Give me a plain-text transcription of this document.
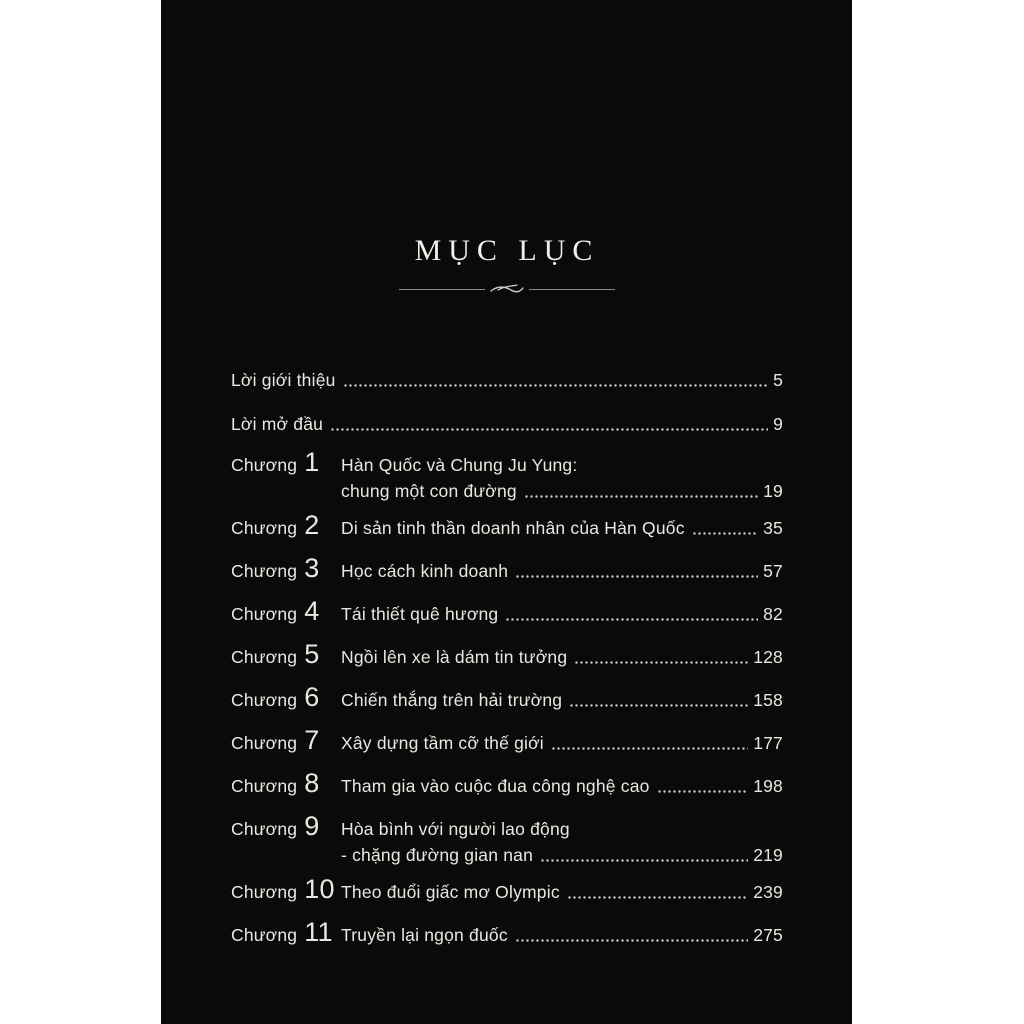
MỤC LỤC
Lời giới thiệu	5
Lời mở đầu	9
Chương 1	Hàn Quốc và Chung Ju Yung:
chung một con đường	19
Chương 2	Di sản tinh thần doanh nhân của Hàn Quốc	35
Chương 3	Học cách kinh doanh	57
Chương 4	Tái thiết quê hương	82
Chương 5	Ngồi lên xe là dám tin tưởng	128
Chương 6	Chiến thắng trên hải trường	158
Chương 7	Xây dựng tầm cỡ thế giới	177
Chương 8	Tham gia vào cuộc đua công nghệ cao	198
Chương 9	Hòa bình với người lao động
- chặng đường gian nan	219
Chương 10 Theo đuổi giấc mơ Olympic	239
Chương 11 Truyền lại ngọn đuốc	275
